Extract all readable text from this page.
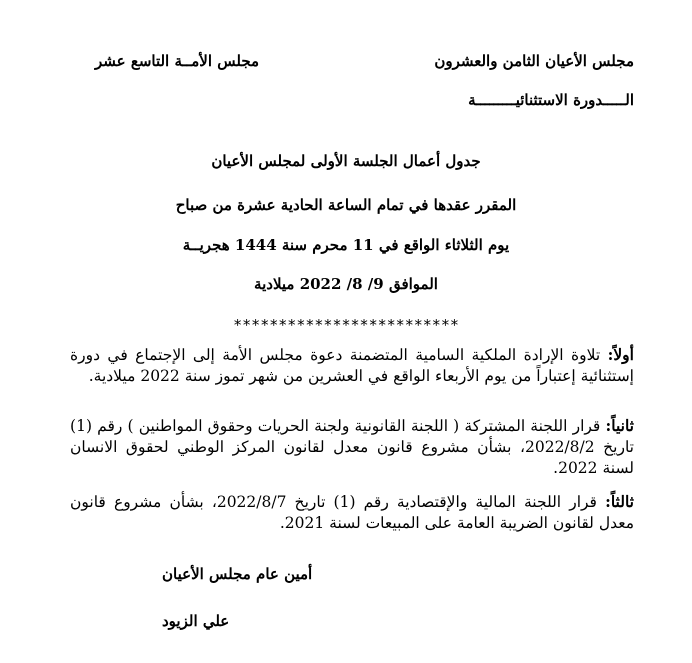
مجلس الأعيان الثامن والعشرون
الـــــدورة الاستثنائيـــــــــة
مجلس الأمــة التاسع عشر
جدول أعمال الجلسة الأولى لمجلس الأعيان
المقرر عقدها في تمام الساعة الحادية عشرة من صباح
يوم الثلاثاء الواقع في 11 محرم سنة 1444 هجريــة
الموافق 9/ 8/ 2022 ميلادية
*************************
أولاً: تلاوة الإرادة الملكية السامية المتضمنة دعوة مجلس الأمة إلى الإجتماع في دورة إستثنائية إعتباراً من يوم الأربعاء الواقع في العشرين من شهر تموز سنة 2022 ميلادية.
ثانياً: قرار اللجنة المشتركة ( اللجنة القانونية ولجنة الحريات وحقوق المواطنين ) رقم (1) تاريخ 2022/8/2، بشأن مشروع قانون معدل لقانون المركز الوطني لحقوق الانسان لسنة 2022.
ثالثاً: قرار اللجنة المالية والإقتصادية رقم (1) تاريخ 2022/8/7، بشأن مشروع قانون معدل لقانون الضريبة العامة على المبيعات لسنة 2021.
أمين عام مجلس الأعيان
علي الزيود
